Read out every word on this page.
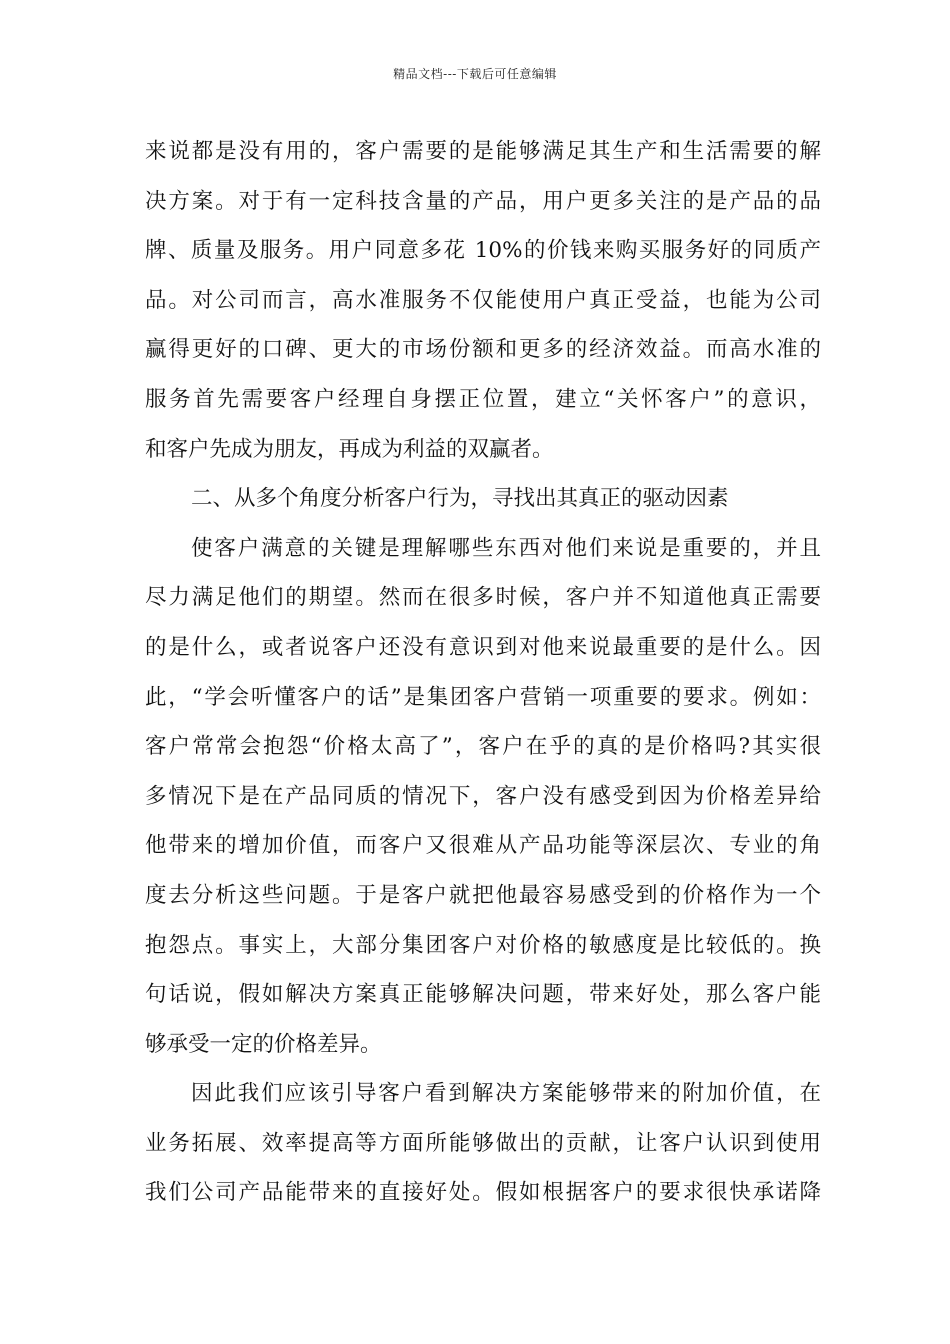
精品文档---下载后可任意编辑
来说都是没有用的，客户需要的是能够满足其生产和生活需要的解
决方案。对于有一定科技含量的产品，用户更多关注的是产品的品
牌、质量及服务。用户同意多花 10%的价钱来购买服务好的同质产
品。对公司而言，高水准服务不仅能使用户真正受益，也能为公司
赢得更好的口碑、更大的市场份额和更多的经济效益。而高水准的
服务首先需要客户经理自身摆正位置，建立“关怀客户”的意识，
和客户先成为朋友，再成为利益的双赢者。
二、从多个角度分析客户行为，寻找出其真正的驱动因素
使客户满意的关键是理解哪些东西对他们来说是重要的，并且
尽力满足他们的期望。然而在很多时候，客户并不知道他真正需要
的是什么，或者说客户还没有意识到对他来说最重要的是什么。因
此，“学会听懂客户的话”是集团客户营销一项重要的要求。例如：
客户常常会抱怨“价格太高了”，客户在乎的真的是价格吗?其实很
多情况下是在产品同质的情况下，客户没有感受到因为价格差异给
他带来的增加价值，而客户又很难从产品功能等深层次、专业的角
度去分析这些问题。于是客户就把他最容易感受到的价格作为一个
抱怨点。事实上，大部分集团客户对价格的敏感度是比较低的。换
句话说，假如解决方案真正能够解决问题，带来好处，那么客户能
够承受一定的价格差异。
因此我们应该引导客户看到解决方案能够带来的附加价值，在
业务拓展、效率提高等方面所能够做出的贡献，让客户认识到使用
我们公司产品能带来的直接好处。假如根据客户的要求很快承诺降
